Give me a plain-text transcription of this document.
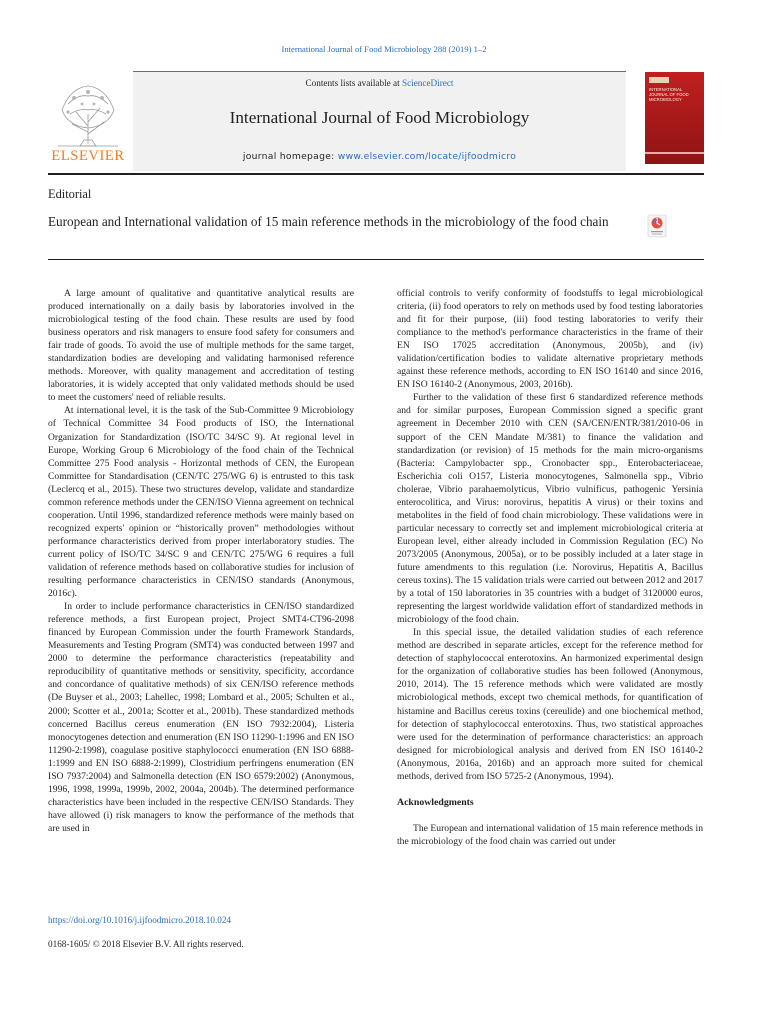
International Journal of Food Microbiology 288 (2019) 1–2
Contents lists available at ScienceDirect
International Journal of Food Microbiology
journal homepage: www.elsevier.com/locate/ijfoodmicro
ELSEVIER
INTERNATIONAL JOURNAL OF FOOD MICROBIOLOGY
Editorial
European and International validation of 15 main reference methods in the microbiology of the food chain

A large amount of qualitative and quantitative analytical results are produced internationally on a daily basis by laboratories involved in the microbiological testing of the food chain. These results are used by food business operators and risk managers to ensure food safety for consumers and fair trade of goods. To avoid the use of multiple methods for the same target, standardization bodies are developing and validating harmonised reference methods. Moreover, with quality management and accreditation of testing laboratories, it is widely accepted that only validated methods should be used to meet the customers' need of reliable results.

At international level, it is the task of the Sub-Committee 9 Microbiology of Technical Committee 34 Food products of ISO, the International Organization for Standardization (ISO/TC 34/SC 9). At regional level in Europe, Working Group 6 Microbiology of the food chain of the Technical Committee 275 Food analysis - Horizontal methods of CEN, the European Committee for Standardisation (CEN/TC 275/WG 6) is entrusted to this task (Leclercq et al., 2015). These two structures develop, validate and standardize common reference methods under the CEN/ISO Vienna agreement on technical cooperation. Until 1996, standardized reference methods were mainly based on recognized experts' opinion or “historically proven” methodologies without performance characteristics derived from proper interlaboratory studies. The current policy of ISO/TC 34/SC 9 and CEN/TC 275/WG 6 requires a full validation of reference methods based on collaborative studies for inclusion of resulting performance characteristics in CEN/ISO standards (Anonymous, 2016c).

In order to include performance characteristics in CEN/ISO standardized reference methods, a first European project, Project SMT4-CT96-2098 financed by European Commission under the fourth Framework Standards, Measurements and Testing Program (SMT4) was conducted between 1997 and 2000 to determine the performance characteristics (repeatability and reproducibility of quantitative methods or sensitivity, specificity, accordance and concordance of qualitative methods) of six CEN/ISO reference methods (De Buyser et al., 2003; Lahellec, 1998; Lombard et al., 2005; Schulten et al., 2000; Scotter et al., 2001a; Scotter et al., 2001b). These standardized methods concerned Bacillus cereus enumeration (EN ISO 7932:2004), Listeria monocytogenes detection and enumeration (EN ISO 11290-1:1996 and EN ISO 11290-2:1998), coagulase positive staphylococci enumeration (EN ISO 6888-1:1999 and EN ISO 6888-2:1999), Clostridium perfringens enumeration (EN ISO 7937:2004) and Salmonella detection (EN ISO 6579:2002) (Anonymous, 1996, 1998, 1999a, 1999b, 2002, 2004a, 2004b). The determined performance characteristics have been included in the respective CEN/ISO Standards. They have allowed (i) risk managers to know the performance of the methods that are used in

official controls to verify conformity of foodstuffs to legal microbiological criteria, (ii) food operators to rely on methods used by food testing laboratories and fit for their purpose, (iii) food testing laboratories to verify their compliance to the method's performance characteristics in the frame of their EN ISO 17025 accreditation (Anonymous, 2005b), and (iv) validation/certification bodies to validate alternative proprietary methods against these reference methods, according to EN ISO 16140 and since 2016, EN ISO 16140-2 (Anonymous, 2003, 2016b).

Further to the validation of these first 6 standardized reference methods and for similar purposes, European Commission signed a specific grant agreement in December 2010 with CEN (SA/CEN/ENTR/381/2010-06 in support of the CEN Mandate M/381) to finance the validation and standardization (or revision) of 15 methods for the main micro-organisms (Bacteria: Campylobacter spp., Cronobacter spp., Enterobacteriaceae, Escherichia coli O157, Listeria monocytogenes, Salmonella spp., Vibrio cholerae, Vibrio parahaemolyticus, Vibrio vulnificus, pathogenic Yersinia enterocolitica, and Virus: norovirus, hepatitis A virus) or their toxins and metabolites in the field of food chain microbiology. These validations were in particular necessary to correctly set and implement microbiological criteria at European level, either already included in Commission Regulation (EC) No 2073/2005 (Anonymous, 2005a), or to be possibly included at a later stage in future amendments to this regulation (i.e. Norovirus, Hepatitis A, Bacillus cereus toxins). The 15 validation trials were carried out between 2012 and 2017 by a total of 150 laboratories in 35 countries with a budget of 3120000 euros, representing the largest worldwide validation effort of standardized methods in microbiology of the food chain.

In this special issue, the detailed validation studies of each reference method are described in separate articles, except for the reference method for detection of staphylococcal enterotoxins. An harmonized experimental design for the organization of collaborative studies has been followed (Anonymous, 2010, 2014). The 15 reference methods which were validated are mostly microbiological methods, except two chemical methods, for quantification of histamine and Bacillus cereus toxins (cereulide) and one biochemical method, for detection of staphylococcal enterotoxins. Thus, two statistical approaches were used for the determination of performance characteristics: an approach designed for microbiological analysis and derived from EN ISO 16140-2 (Anonymous, 2016a, 2016b) and an approach more suited for chemical methods, derived from ISO 5725-2 (Anonymous, 1994).

Acknowledgments

The European and international validation of 15 main reference methods in the microbiology of the food chain was carried out under

https://doi.org/10.1016/j.ijfoodmicro.2018.10.024
0168-1605/ © 2018 Elsevier B.V. All rights reserved.
